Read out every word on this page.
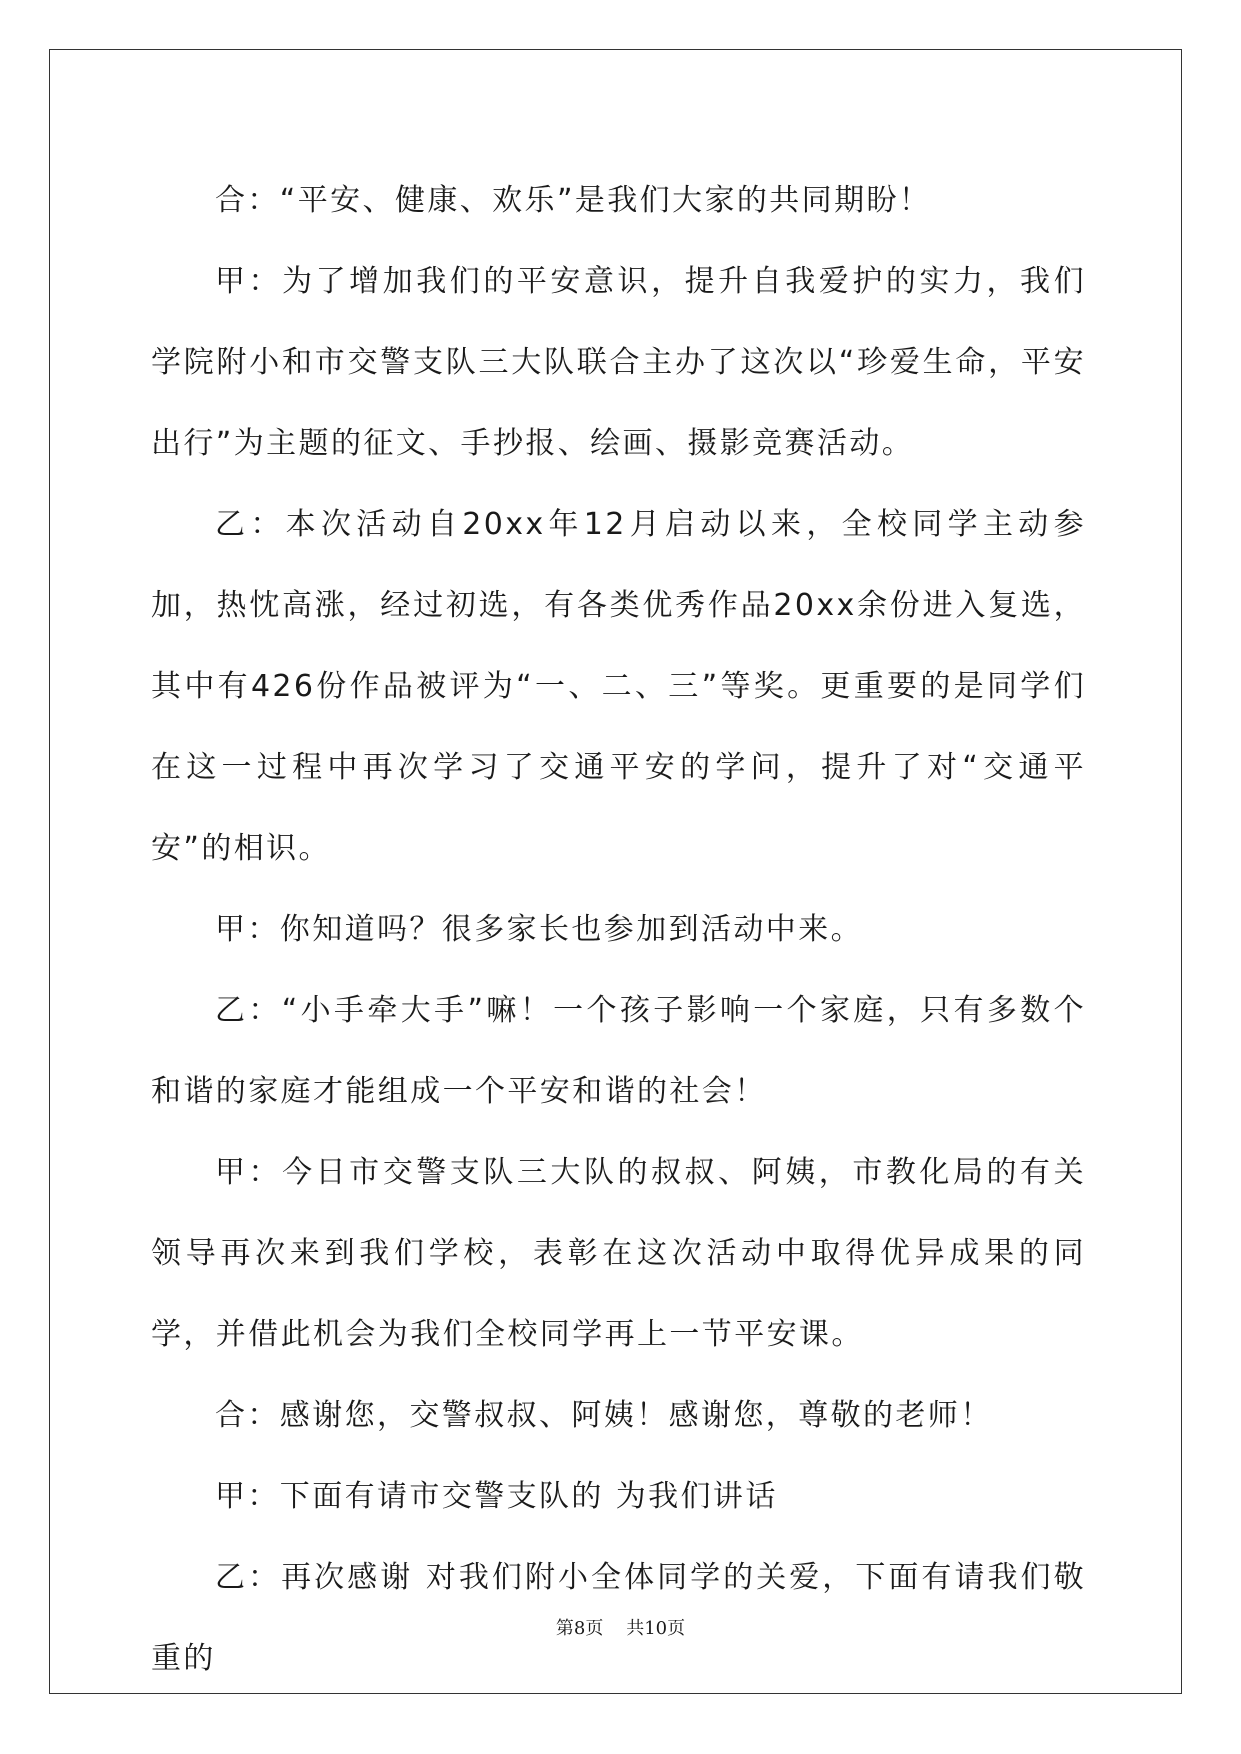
合：“平安、健康、欢乐”是我们大家的共同期盼！

甲：为了增加我们的平安意识，提升自我爱护的实力，我们学院附小和市交警支队三大队联合主办了这次以“珍爱生命，平安出行”为主题的征文、手抄报、绘画、摄影竞赛活动。

乙：本次活动自20xx年12月启动以来，全校同学主动参加，热忱高涨，经过初选，有各类优秀作品20xx余份进入复选，其中有426份作品被评为“一、二、三”等奖。更重要的是同学们在这一过程中再次学习了交通平安的学问，提升了对“交通平安”的相识。

甲：你知道吗？很多家长也参加到活动中来。

乙：“小手牵大手”嘛！一个孩子影响一个家庭，只有多数个和谐的家庭才能组成一个平安和谐的社会！

甲：今日市交警支队三大队的叔叔、阿姨，市教化局的有关领导再次来到我们学校，表彰在这次活动中取得优异成果的同学，并借此机会为我们全校同学再上一节平安课。

合：感谢您，交警叔叔、阿姨！感谢您，尊敬的老师！

甲：下面有请市交警支队的 为我们讲话

乙：再次感谢 对我们附小全体同学的关爱，下面有请我们敬重的

第8页 共10页
